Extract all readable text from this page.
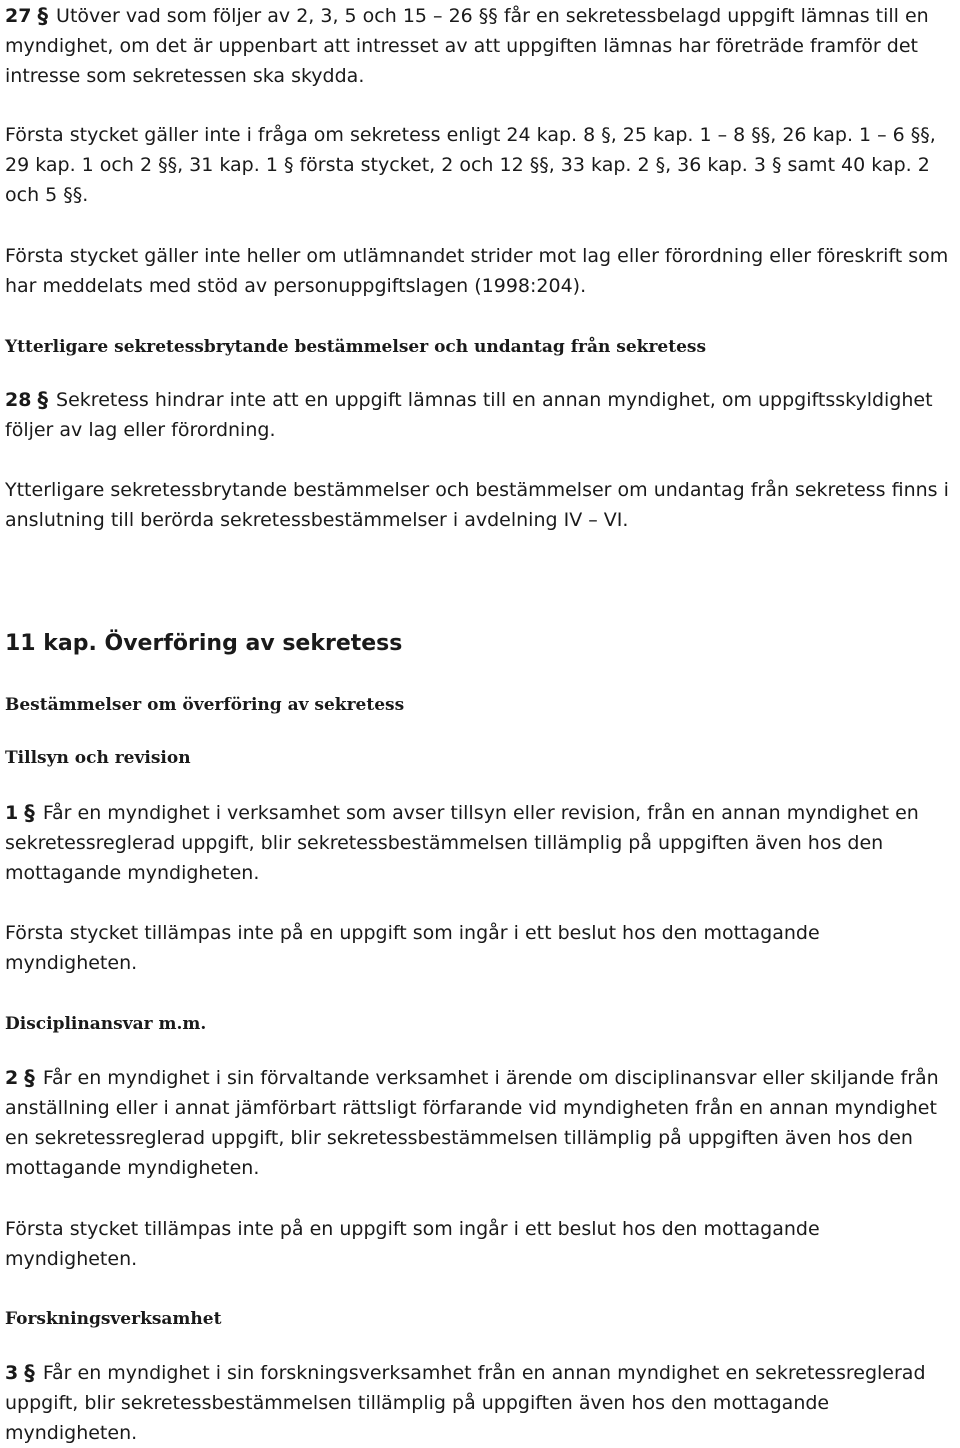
27 § Utöver vad som följer av 2, 3, 5 och 15 – 26 §§ får en sekretessbelagd uppgift lämnas till en myndighet, om det är uppenbart att intresset av att uppgiften lämnas har företräde framför det intresse som sekretessen ska skydda.

Första stycket gäller inte i fråga om sekretess enligt 24 kap. 8 §, 25 kap. 1 – 8 §§, 26 kap. 1 – 6 §§, 29 kap. 1 och 2 §§, 31 kap. 1 § första stycket, 2 och 12 §§, 33 kap. 2 §, 36 kap. 3 § samt 40 kap. 2 och 5 §§.

Första stycket gäller inte heller om utlämnandet strider mot lag eller förordning eller föreskrift som har meddelats med stöd av personuppgiftslagen (1998:204).

Ytterligare sekretessbrytande bestämmelser och undantag från sekretess

28 § Sekretess hindrar inte att en uppgift lämnas till en annan myndighet, om uppgiftsskyldighet följer av lag eller förordning.

Ytterligare sekretessbrytande bestämmelser och bestämmelser om undantag från sekretess finns i anslutning till berörda sekretessbestämmelser i avdelning IV – VI.

11 kap. Överföring av sekretess

Bestämmelser om överföring av sekretess

Tillsyn och revision

1 § Får en myndighet i verksamhet som avser tillsyn eller revision, från en annan myndighet en sekretessreglerad uppgift, blir sekretessbestämmelsen tillämplig på uppgiften även hos den mottagande myndigheten.

Första stycket tillämpas inte på en uppgift som ingår i ett beslut hos den mottagande myndigheten.

Disciplinansvar m.m.

2 § Får en myndighet i sin förvaltande verksamhet i ärende om disciplinansvar eller skiljande från anställning eller i annat jämförbart rättsligt förfarande vid myndigheten från en annan myndighet en sekretessreglerad uppgift, blir sekretessbestämmelsen tillämplig på uppgiften även hos den mottagande myndigheten.

Första stycket tillämpas inte på en uppgift som ingår i ett beslut hos den mottagande myndigheten.

Forskningsverksamhet

3 § Får en myndighet i sin forskningsverksamhet från en annan myndighet en sekretessreglerad uppgift, blir sekretessbestämmelsen tillämplig på uppgiften även hos den mottagande myndigheten.
